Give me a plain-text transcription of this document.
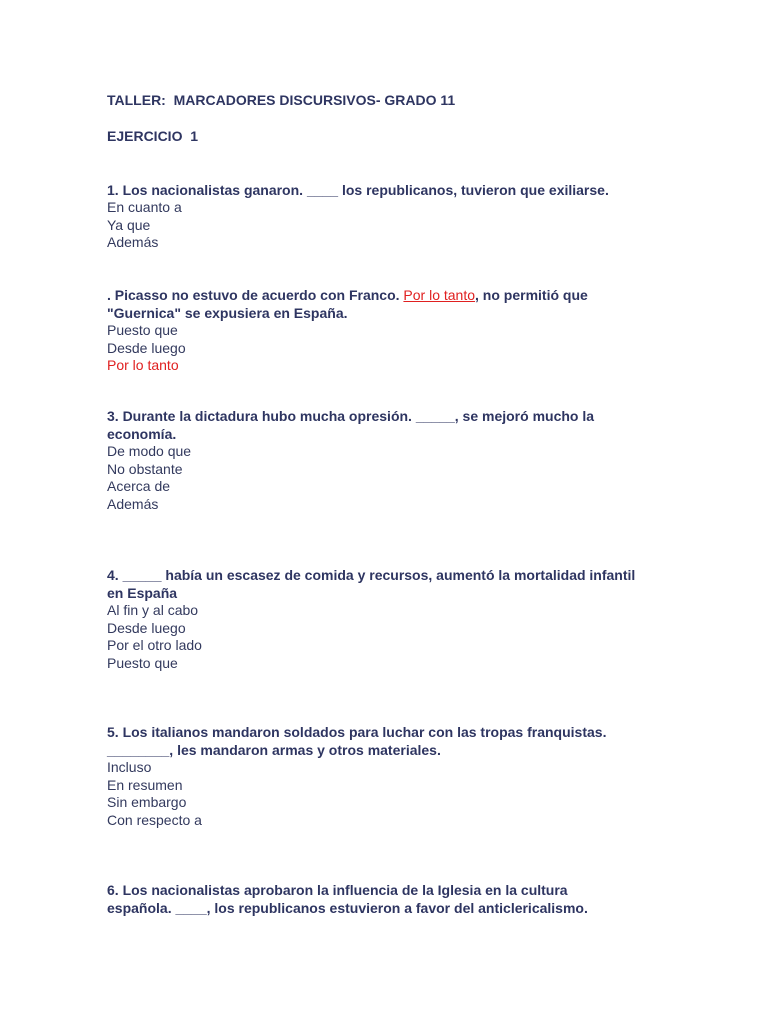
TALLER:  MARCADORES DISCURSIVOS- GRADO 11
EJERCICIO  1

1. Los nacionalistas ganaron. ____ los republicanos, tuvieron que exiliarse.

En cuanto a

Ya que

Además

. Picasso no estuvo de acuerdo con Franco. Por lo tanto, no permitió que "Guernica" se expusiera en España.

Puesto que

Desde luego

Por lo tanto

3. Durante la dictadura hubo mucha opresión. _____, se mejoró mucho la economía.

De modo que

No obstante

Acerca de

Además

4. _____ había un escasez de comida y recursos, aumentó la mortalidad infantil en España

Al fin y al cabo

Desde luego

Por el otro lado

Puesto que

5. Los italianos mandaron soldados para luchar con las tropas franquistas. ________, les mandaron armas y otros materiales.

Incluso

En resumen

Sin embargo

Con respecto a

6. Los nacionalistas aprobaron la influencia de la Iglesia en la cultura española. ____, los republicanos estuvieron a favor del anticlericalismo.
